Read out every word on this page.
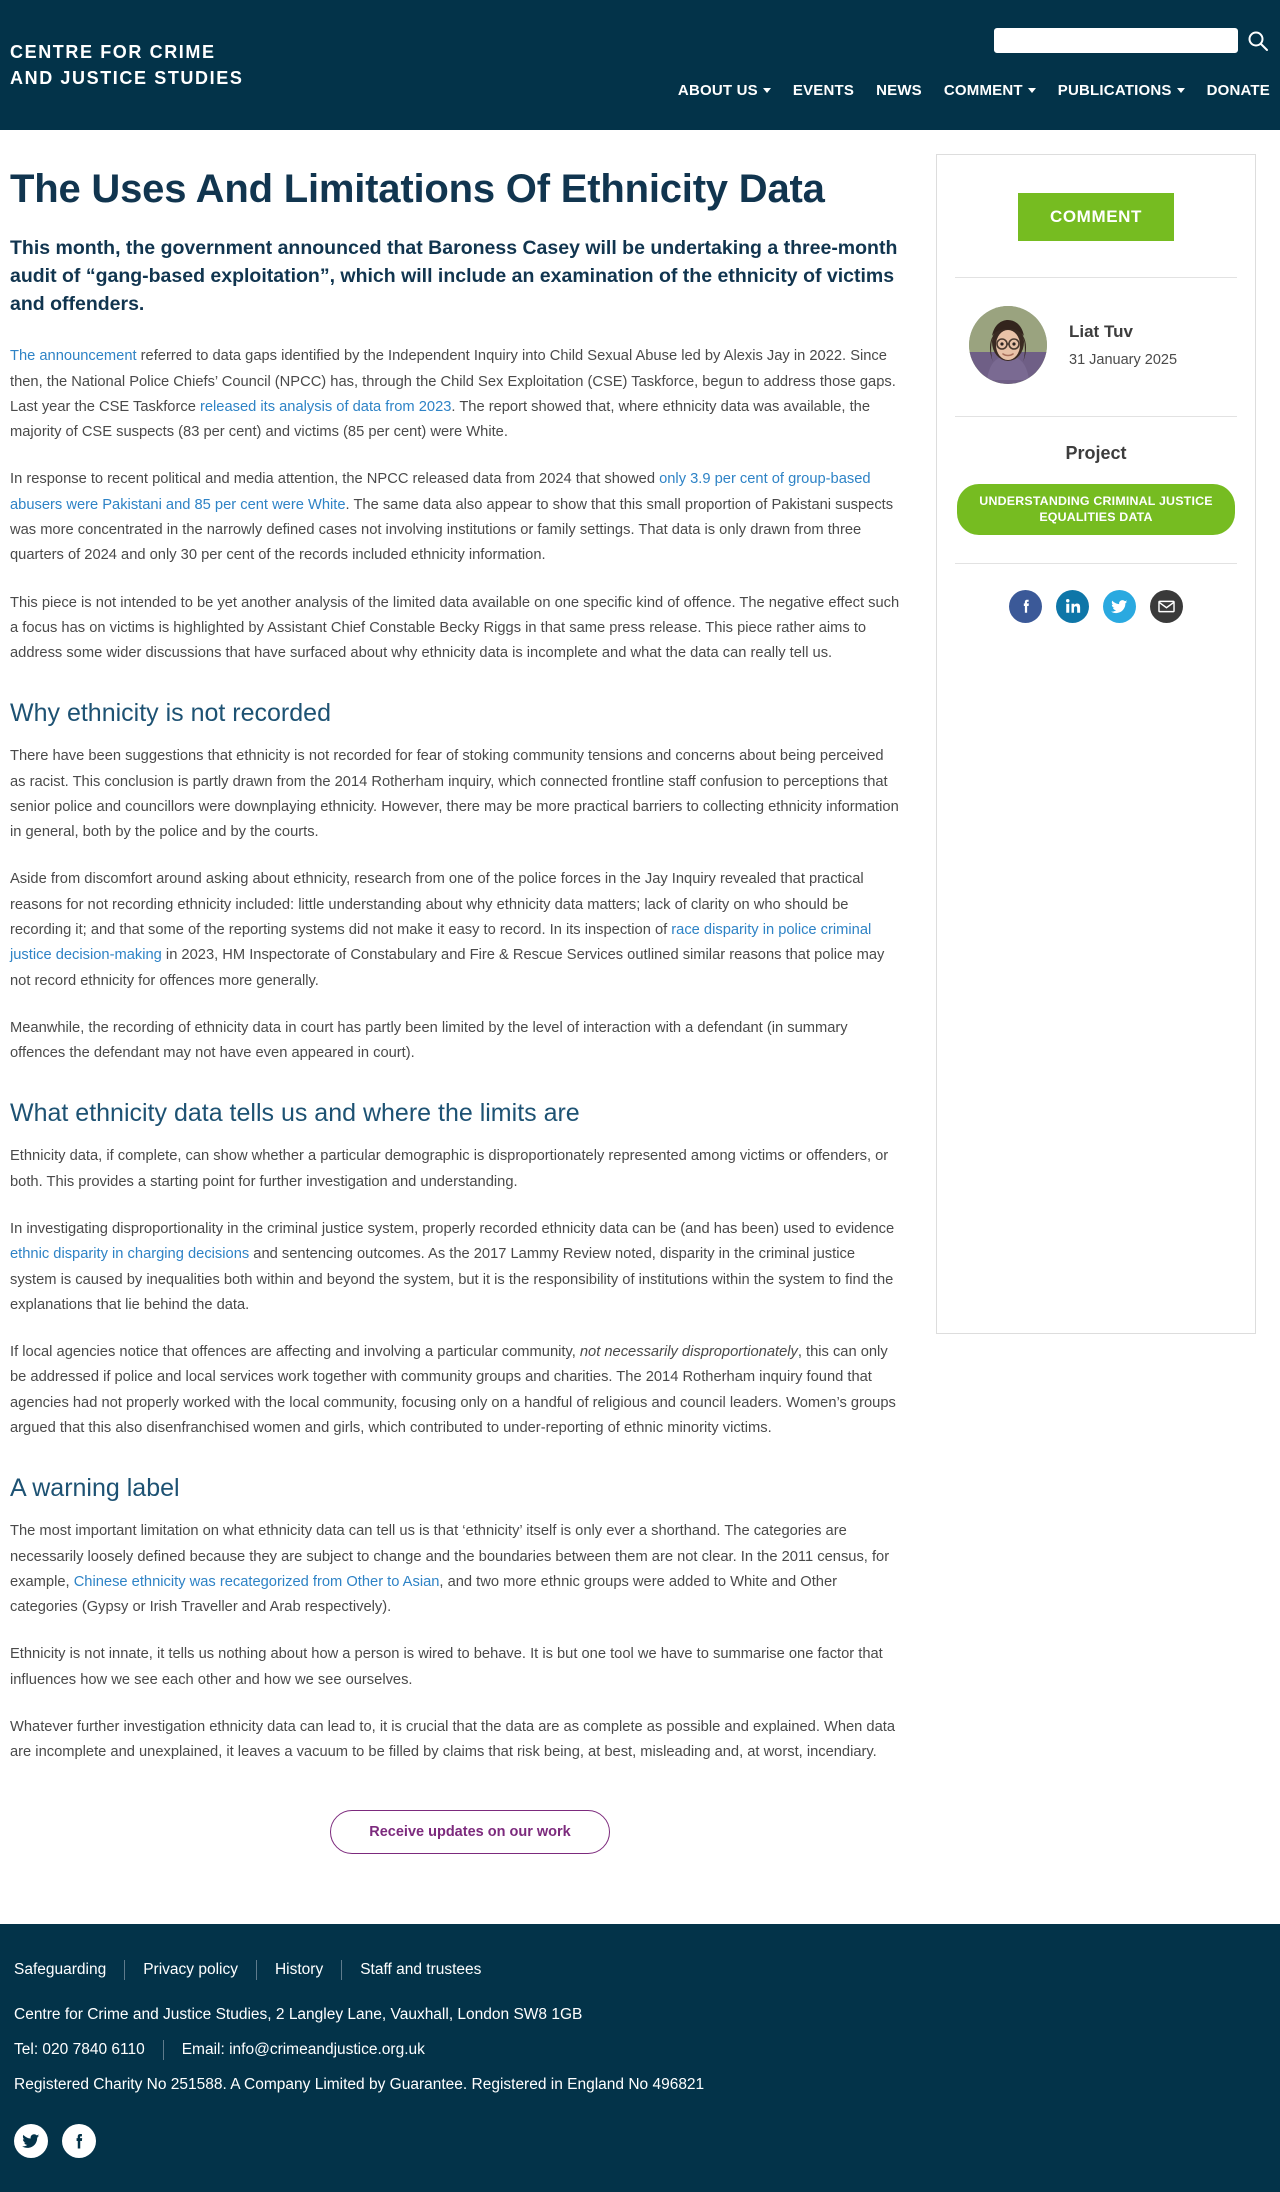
CENTRE FOR CRIME
AND JUSTICE STUDIES
ABOUT US EVENTS NEWS COMMENT PUBLICATIONS DONATE
The Uses And Limitations Of Ethnicity Data

This month, the government announced that Baroness Casey will be undertaking a three-month audit of “gang-based exploitation”, which will include an examination of the ethnicity of victims and offenders.

The announcement referred to data gaps identified by the Independent Inquiry into Child Sexual Abuse led by Alexis Jay in 2022. Since then, the National Police Chiefs’ Council (NPCC) has, through the Child Sex Exploitation (CSE) Taskforce, begun to address those gaps. Last year the CSE Taskforce released its analysis of data from 2023. The report showed that, where ethnicity data was available, the majority of CSE suspects (83 per cent) and victims (85 per cent) were White.

In response to recent political and media attention, the NPCC released data from 2024 that showed only 3.9 per cent of group-based abusers were Pakistani and 85 per cent were White. The same data also appear to show that this small proportion of Pakistani suspects was more concentrated in the narrowly defined cases not involving institutions or family settings. That data is only drawn from three quarters of 2024 and only 30 per cent of the records included ethnicity information.

This piece is not intended to be yet another analysis of the limited data available on one specific kind of offence. The negative effect such a focus has on victims is highlighted by Assistant Chief Constable Becky Riggs in that same press release. This piece rather aims to address some wider discussions that have surfaced about why ethnicity data is incomplete and what the data can really tell us.

Why ethnicity is not recorded

There have been suggestions that ethnicity is not recorded for fear of stoking community tensions and concerns about being perceived as racist. This conclusion is partly drawn from the 2014 Rotherham inquiry, which connected frontline staff confusion to perceptions that senior police and councillors were downplaying ethnicity. However, there may be more practical barriers to collecting ethnicity information in general, both by the police and by the courts.

Aside from discomfort around asking about ethnicity, research from one of the police forces in the Jay Inquiry revealed that practical reasons for not recording ethnicity included: little understanding about why ethnicity data matters; lack of clarity on who should be recording it; and that some of the reporting systems did not make it easy to record. In its inspection of race disparity in police criminal justice decision-making in 2023, HM Inspectorate of Constabulary and Fire & Rescue Services outlined similar reasons that police may not record ethnicity for offences more generally.

Meanwhile, the recording of ethnicity data in court has partly been limited by the level of interaction with a defendant (in summary offences the defendant may not have even appeared in court).

What ethnicity data tells us and where the limits are

Ethnicity data, if complete, can show whether a particular demographic is disproportionately represented among victims or offenders, or both. This provides a starting point for further investigation and understanding.

In investigating disproportionality in the criminal justice system, properly recorded ethnicity data can be (and has been) used to evidence ethnic disparity in charging decisions and sentencing outcomes. As the 2017 Lammy Review noted, disparity in the criminal justice system is caused by inequalities both within and beyond the system, but it is the responsibility of institutions within the system to find the explanations that lie behind the data.

If local agencies notice that offences are affecting and involving a particular community, not necessarily disproportionately, this can only be addressed if police and local services work together with community groups and charities. The 2014 Rotherham inquiry found that agencies had not properly worked with the local community, focusing only on a handful of religious and council leaders. Women’s groups argued that this also disenfranchised women and girls, which contributed to under-reporting of ethnic minority victims.

A warning label

The most important limitation on what ethnicity data can tell us is that ‘ethnicity’ itself is only ever a shorthand. The categories are necessarily loosely defined because they are subject to change and the boundaries between them are not clear. In the 2011 census, for example, Chinese ethnicity was recategorized from Other to Asian, and two more ethnic groups were added to White and Other categories (Gypsy or Irish Traveller and Arab respectively).

Ethnicity is not innate, it tells us nothing about how a person is wired to behave. It is but one tool we have to summarise one factor that influences how we see each other and how we see ourselves.

Whatever further investigation ethnicity data can lead to, it is crucial that the data are as complete as possible and explained. When data are incomplete and unexplained, it leaves a vacuum to be filled by claims that risk being, at best, misleading and, at worst, incendiary.

Receive updates on our work
COMMENT
Liat Tuv
31 January 2025
Project
UNDERSTANDING CRIMINAL JUSTICE EQUALITIES DATA
Safeguarding	Privacy policy	History	Staff and trustees
Centre for Crime and Justice Studies, 2 Langley Lane, Vauxhall, London SW8 1GB
Tel: 020 7840 6110 Email: info@crimeandjustice.org.uk
Registered Charity No 251588. A Company Limited by Guarantee. Registered in England No 496821
